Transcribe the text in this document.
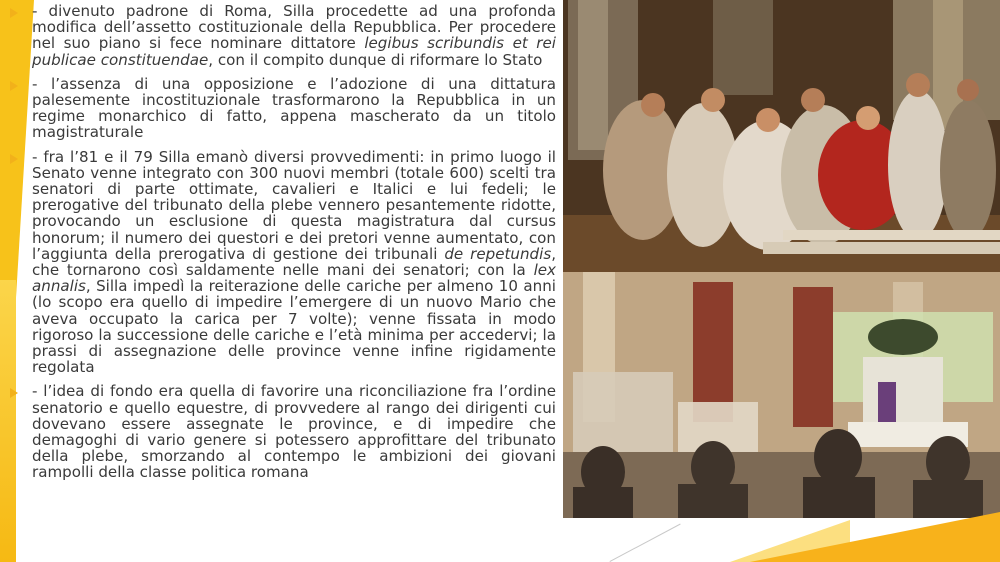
- divenuto padrone di Roma, Silla procedette ad una profonda modifica dell’assetto costituzionale della Repubblica. Per procedere nel suo piano si fece nominare dittatore legibus scribundis et rei publicae constituendae, con il compito dunque di riformare lo Stato
- l’assenza di una opposizione e l’adozione di una dittatura palesemente incostituzionale trasformarono la Repubblica in un regime monarchico di fatto, appena mascherato da un titolo magistraturale
- fra l’81 e il 79 Silla emanò diversi provvedimenti: in primo luogo il Senato venne integrato con 300 nuovi membri (totale 600) scelti tra senatori di parte ottimate, cavalieri e Italici e lui fedeli; le prerogative del tribunato della plebe vennero pesantemente ridotte, provocando un esclusione di questa magistratura dal cursus honorum; il numero dei questori e dei pretori venne aumentato, con l’aggiunta della prerogativa di gestione dei tribunali de repetundis, che tornarono così saldamente nelle mani dei senatori; con la lex annalis, Silla impedì la reiterazione delle cariche per almeno 10 anni (lo scopo era quello di impedire l’emergere di un nuovo Mario che aveva occupato la carica per 7 volte); venne fissata in modo rigoroso la successione delle cariche e l’età minima per accedervi; la prassi di assegnazione delle province venne infine rigidamente regolata
- l’idea di fondo era quella di favorire una riconciliazione fra l’ordine senatorio e quello equestre, di provvedere al rango dei dirigenti cui dovevano essere assegnate le province, e di impedire che demagoghi di vario genere si potessero approfittare del tribunato della plebe, smorzando al contempo le ambizioni dei giovani rampolli della classe politica romana
